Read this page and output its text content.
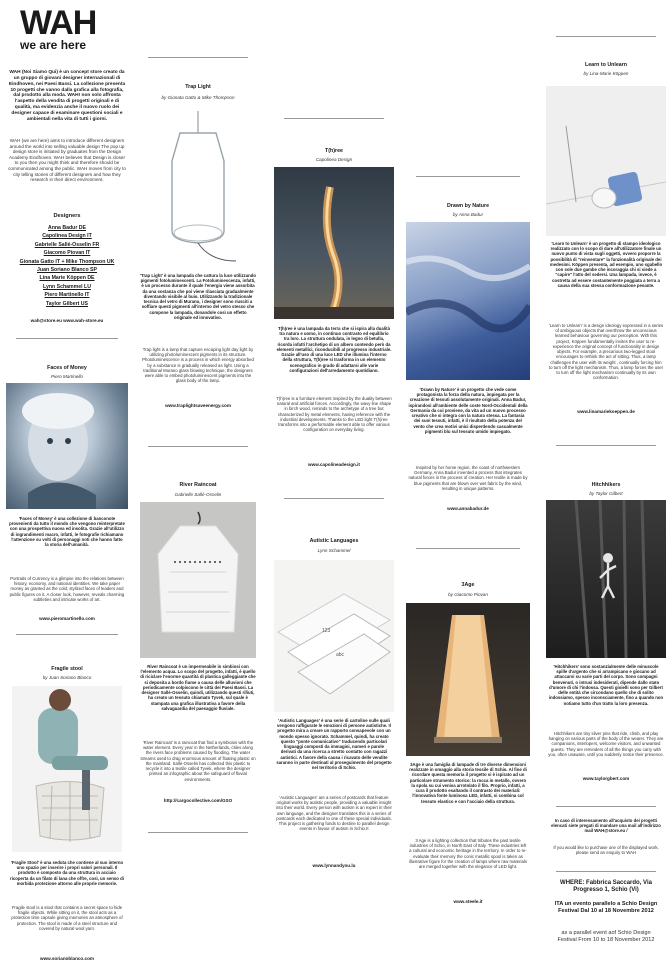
WAH
we are here
WAH (Noi Siamo Qui) è un concept store creato da un gruppo di giovani designer internazionali di Eindhoven, nei Paesi Bassi. La collezione presenta 10 progetti che vanno dalla grafica alla fotografia, dal prodotto alla moda. WAH! non solo affronta l'aspetto della vendita di progetti originali e di qualità, ma evidenzia anche il nuovo ruolo dei designer capace di esaminare questioni sociali e ambientali nella vita di tutti i giorni.
WAH (we are here) aims to introduce different designers around the world into selling valuable design The pop up design store is initiated by graduates from the Design Academy Eindhoven. WAH believes that Design is closer to you then you might think and therefore should be communicated among the public. WAH moves from city to city telling stories of different designers and how they research in their direct environment.
Designers
Anna Badur DE
Capolinea Design IT
Gabrielle Sallé-Osselin FR
Giacomo Piovan IT
Gionata Gatto IT + Mike Thompson UK
Juan Soriano Blanco SP
Lina Marie Köppen DE
Lynn Schammel LU
Piero Martinello IT
Taylor Gilbert US
wah@store.eu www.wah-store.eu
Faces of Money
Piero Martinello
'Faces of Money' è una collezione di banconote provenienti da tutto il mondo che vengono reinterpretate con una prospettiva nuova ed insolita. Grazie all'utilizzo di ingrandimenti macro, infatti, le fotografie richiamano l'attenzione su volti di personaggi noti che hanno fatto la storia dell'umanità.
Portraits of Currency is a glimpse into the relations between history, economy, and national identities. We take paper money as granted as the cold, stylized faces of leaders and public figures on it. A closer look, however, reveals charming subtleties and intricate works of art.
www.pieromartinello.com
Fragile stool
by Juan Soriano Blanco
'Fragile Stool' è una seduta che contiene al suo interno uno spazio per inserire i propri valori personali. Il prodotto è composto da una struttura in acciaio ricoperta da un filato di lana che offre, così, un senso di morbida protezione attorno alle proprie memorie.
Fragile stool is a stool that contains a secret space to hide fragile objects. While sitting on it, the stool acts as a protection time capsule giving memories an atmosphere of protection. The stool is made of a steel structure and covered by natural wool yarn.
www.sorianoblanco.com
Trap Light
by Gionata Gatto & Mike Thompson
'Trap Light' è una lampada che cattura la luce utilizzando pigmenti fotoluminescenti. La Fotoluminescenza, infatti, è un processo durante il quale l'energia viene assorbita da una sostanza che poi viene rilasciata gradualmente diventando visibile al buio. Utilizzando la tradizionale tecnica del vetro di Murano, i designer sono riusciti a soffiare questi pigmenti all'interno del vetro stesso che compone la lampada, donandole così un effetto originale ed innovativo.
Trap light is a lamp that capture escaping light day light by utilizing photoluminescent pigments in its structure. Photoluminescence is a process in which energy absorbed by a substance is gradually released as light. Using a traditional Murano glass blowing technique, the designers were able to embed photoluminescent pigments into the glass body of the lamp.
www.traplightsaveenergy.com
River Raincoat
Gabrielle Sallé-Osselin
River Raincoat è un impermeabile in simbiosi con l'elemento acqua. Lo scopo del progetto, infatti, è quello di riciclare l'enorme quantità di plastica galleggiante che si deposita a bordo fiume a causa delle alluvioni che periodicamente colpiscono le città dei Paesi Bassi. La designer Sallé-Osselin, quindi, utilizzando questi rifiuti, ha creato un tessuto chiamato Tyvek, sul quale è stampata una grafica illustrativa a favore della salvaguardia del paesaggio fluviale.
'River Raincoat' is a raincoat that find a symbiosis with the water element. Every year in the Netherlands, cities along the rivers face problems caused by flooding. The water streams used to drag enormous amount of floating plastic on the mainland. Sallé-Osselin has collected this plastic to recycle it into a textile called Tyvek, where the designer printed an infographic about the safeguard of fluvial environments.
http://cargocollective.com/GSO
T(h)ree
Capolinea Design
T(h)ree è una lampada da terra che si ispira alla dualità tra natura e uomo, in continuo contrasto ed equilibrio tra loro. La struttura ondulata, in legno di betulla, ricorda infatti l'archetipo di un albero contendo però da elementi metallici, riconducibili al progresso industriale. Grazie all'uso di una luce LED che illumina l'interno della struttura, T(h)ree si trasforma in un elemento scenografico in grado di adattarsi alle varie configurazioni dell'arredamento quotidiano.
T(h)ree is a furniture element inspired by the duality between natural and artificial forces. Accordingly, the wavy line shape in birch wood, reminds to the archetype of a tree but characterized by metal elements, having reference with the industrial developments. Thanks to the LED light T(h)ree transforms into a performable element able to offer various configuration on everyday living.
www.capolineadesign.it
Autistic Languages
Lynn Schammel
123
abc
'Autistic Languages' è una serie di cartoline sulle quali vengono raffigurate le emozioni di persone autistiche. Il progetto mira a creare un rapporto consapevole con un mondo spesso ignorato. Schammel, quindi, ha creato questo "ponte comunicativo" traducendo particolari linguaggi composti da immagini, numeri e parole derivati da una ricerca a stretto contatto con ragazzi autistici. A favore della causa i ricavato delle vendite saranno in parte destinati al proseguimento del progetto nel territorio di Schio.
'Autistic Languages' are a series of postcards that feature original works by autistic people, providing a valuable insight into their world. Every person with autism is an expert in their own language, and the designer translates this in a series of postcards each dedicated to one of these special individuals. This project is gathering funds to destine to parallel design events in favour of autism in Schio.It
www.lynnandyou.lu
Drawn by Nature
by Anna Badur
'Drawn by Nature' è un progetto che vede come protagonista la forza della natura, impiegata per la creazione di tessuti assolutamente originali. Anna Badur, ispirandosi all'ambiente delle coste Nord-Occidentali della Germania da cui proviene, da vita ad un nuovo processo creativo che si integra con la natura stessa. La fantasia dei suoi tessuti, infatti, è il risultato della potenza del vento che crea motivi unici disperdendo casualmente pigmenti blu sul tessuto umido impiegato.
Inspired by her home region, the coast of northwestern Germany, Anna Badur invented a process that integrates natural forces in the process of creation. Her textile is made by blue pigments that are blown over wet fabric by the wind, resulting in unique patterns.
www.annabadur.de
3Age
by Giacomo Piovan
3Age è una famiglia di lampade di tre diverse dimensioni realizzate in omaggio alla storia tessile di Schio. Al fine di ricordare questa memoria il progetto si è ispirato ad un particolare strumento storico: la rocca in metallo, ovvero la spola su cui veniva arrotolato il filo. Proprio, infatti, a cura il prodotto esaltando il contrasto dei materiali: l'innovativa fonte luminosa LED, infatti, si combina col tessuto elastico e con l'acciaio della struttura.
3 Age is a lighting collection that tributes the past textile industries of Schio, in North East of Italy. These industries left a cultural and economic heritage in the territory. In order to re-evaluate their memory the conic metallic spool is taken as illustrative figure for the creation of lamps where raw materials are merged together with the elegance of LED light.
www.steele.it
Learn to Unlearn
by Lina-Marie Köppen
'Learn to Unlearn' è un progetto di stampo ideologico realizzato con lo scopo di dare all'utilizzatore finale un nuovo punto di vista sugli oggetti, ovvero proporre la possibilità di "reinventare" la funzionalità originale dei medesimi. Köppen presenta, ad esempio, uno sgabello con sole due gambe che incoraggia chi si siede a "capire" l'atto del sedersi. Una lampada, invece, è costretta ad essere costantemente poggiata a terra a causa della sua stessa conformazione pesante.
'Learn to Unlearn' is a design ideology expressed in a series of ambiguous objects that overthrow the unconscious learned behaviour governing our perception. With this project, Köppen fundamentally invites the user to re-experience the original concept of functionality in design objects. For example, a precarious two-legged stool encourages to rethink the act of sitting. Thus, a lamp challenges the user with its weight , continually forcing him to turn off the light mechanism. Thus, a lamp forces the user to turn off the light mechanism continually by its own conformation.
www.linamariekoeppen.de
Hitchhikers
by Taylor Gilbert
'Hitchhikers' sono sostanzialmente delle minuscole spille d'argento che si arrampicano e giocano ad attaccarsi su varie parti del corpo. Sono compagni benvenuti, o intrusi indesiderati, dipende dallo stato d'umore di chi l'indossa. Questi gioielli sono per Gilbert delle entità che circondano quello che di solito indossiamo, spesso inconsciamente, fino a quando non notiamo tutto d'un tratto la loro presenza.
Hitchhikers are tiny silver pins that ride, climb, and play hanging on various parts of the body of the wearer. They are companions, interlopers, welcome visitors, and unwanted guests. They are reminders of all the things you carry with you, often unaware, until you suddenly notice their presence.
www.taylorgbert.com
In caso di interessamento all'acquisto dei progetti elencati siete pregati di mandare una mail all'indirizzo mail WAH@store.eu /
If you would like to purchase one of the displayed work, please send an enquiry to WAH
WHERE: Fabbrica Saccardo, Via Progresso 1, Schio (Vi)
ITA un evento parallelo a Schio Design Festival Dal 10 al 18 Novembre 2012
as a parallel event aof Schio Design Festival From 10 to 18 November 2012
